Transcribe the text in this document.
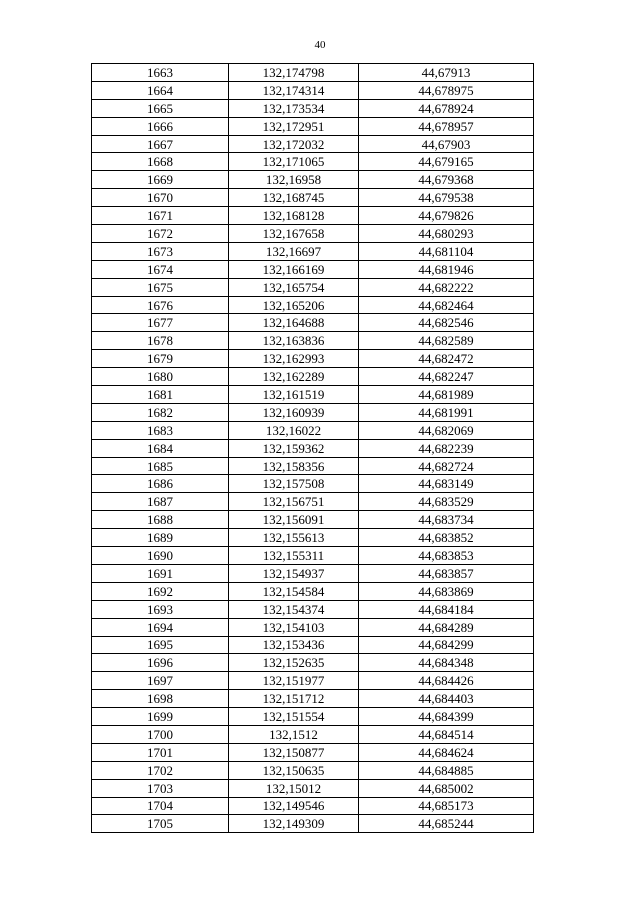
40
1663	132,174798	44,67913
1664	132,174314	44,678975
1665	132,173534	44,678924
1666	132,172951	44,678957
1667	132,172032	44,67903
1668	132,171065	44,679165
1669	132,16958	44,679368
1670	132,168745	44,679538
1671	132,168128	44,679826
1672	132,167658	44,680293
1673	132,16697	44,681104
1674	132,166169	44,681946
1675	132,165754	44,682222
1676	132,165206	44,682464
1677	132,164688	44,682546
1678	132,163836	44,682589
1679	132,162993	44,682472
1680	132,162289	44,682247
1681	132,161519	44,681989
1682	132,160939	44,681991
1683	132,16022	44,682069
1684	132,159362	44,682239
1685	132,158356	44,682724
1686	132,157508	44,683149
1687	132,156751	44,683529
1688	132,156091	44,683734
1689	132,155613	44,683852
1690	132,155311	44,683853
1691	132,154937	44,683857
1692	132,154584	44,683869
1693	132,154374	44,684184
1694	132,154103	44,684289
1695	132,153436	44,684299
1696	132,152635	44,684348
1697	132,151977	44,684426
1698	132,151712	44,684403
1699	132,151554	44,684399
1700	132,1512	44,684514
1701	132,150877	44,684624
1702	132,150635	44,684885
1703	132,15012	44,685002
1704	132,149546	44,685173
1705	132,149309	44,685244
